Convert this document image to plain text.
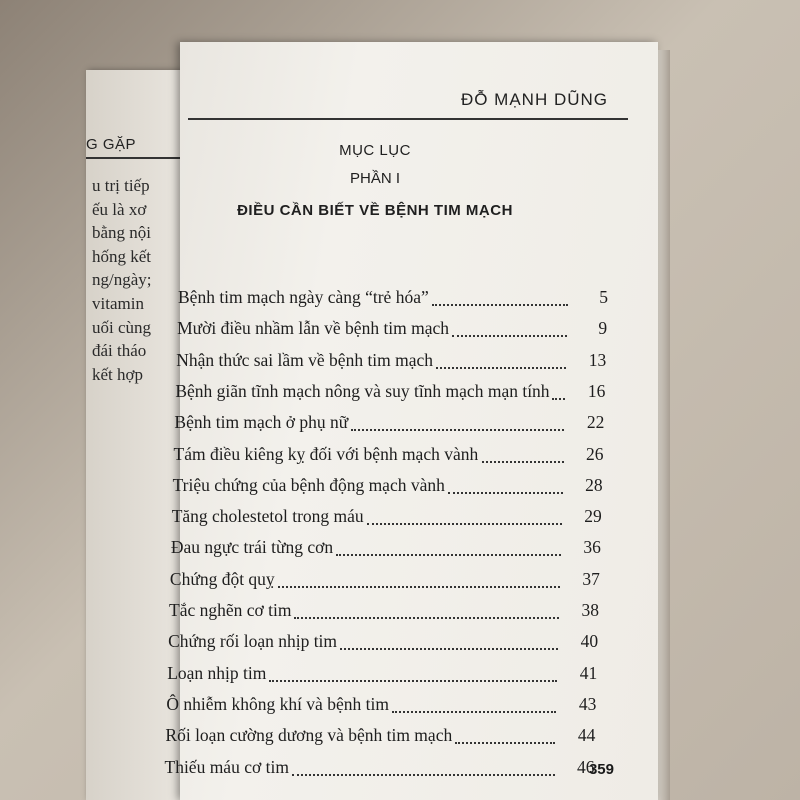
G GẶP
u trị tiếp
ếu là xơ
bằng nội
hống kết
ng/ngày;
vitamin
uối cùng
đái tháo
kết hợp
ĐỖ MẠNH DŨNG
MỤC LỤC
PHẦN I
ĐIỀU CẦN BIẾT VỀ BỆNH TIM MẠCH
Bệnh tim mạch ngày càng “trẻ hóa”	5
Mười điều nhầm lẫn về bệnh tim mạch	9
Nhận thức sai lầm về bệnh tim mạch	13
Bệnh giãn tĩnh mạch nông và suy tĩnh mạch mạn tính	16
Bệnh tim mạch ở phụ nữ	22
Tám điều kiêng kỵ đối với bệnh mạch vành	26
Triệu chứng của bệnh động mạch vành	28
Tăng cholestetol trong máu	29
Đau ngực trái từng cơn	36
Chứng đột quỵ	37
Tắc nghẽn cơ tim	38
Chứng rối loạn nhịp tim	40
Loạn nhịp tim	41
Ô nhiễm không khí và bệnh tim	43
Rối loạn cường dương và bệnh tim mạch	44
Thiếu máu cơ tim	46
359
